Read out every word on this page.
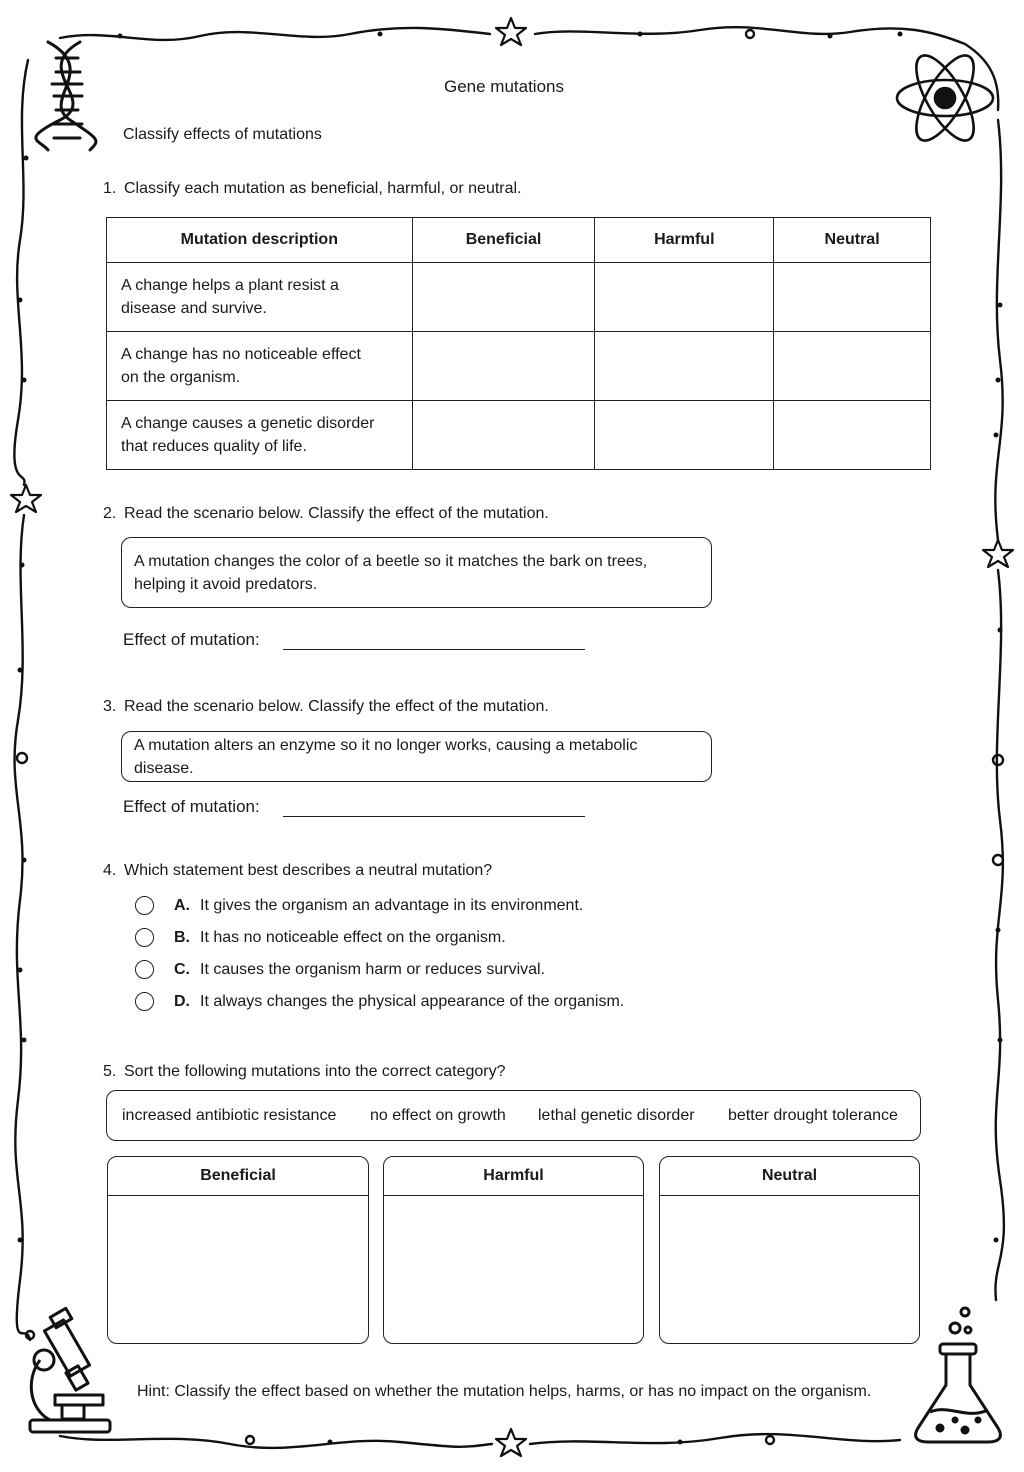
Gene mutations
Classify effects of mutations
1. Classify each mutation as beneficial, harmful, or neutral.
Mutation description	Beneficial	Harmful	Neutral
A change helps a plant resist a
disease and survive.			
A change has no noticeable effect
on the organism.			
A change causes a genetic disorder
that reduces quality of life.			
2. Read the scenario below. Classify the effect of the mutation.
A mutation changes the color of a beetle so it matches the bark on trees,
helping it avoid predators.
Effect of mutation:
3. Read the scenario below. Classify the effect of the mutation.
A mutation alters an enzyme so it no longer works, causing a metabolic disease.
Effect of mutation:
4. Which statement best describes a neutral mutation?
A. It gives the organism an advantage in its environment.
B. It has no noticeable effect on the organism.
C. It causes the organism harm or reduces survival.
D. It always changes the physical appearance of the organism.
5. Sort the following mutations into the correct category?
increased antibiotic resistance no effect on growth lethal genetic disorder better drought tolerance
Beneficial	Harmful	Neutral
Hint: Classify the effect based on whether the mutation helps, harms, or has no impact on the organism.
